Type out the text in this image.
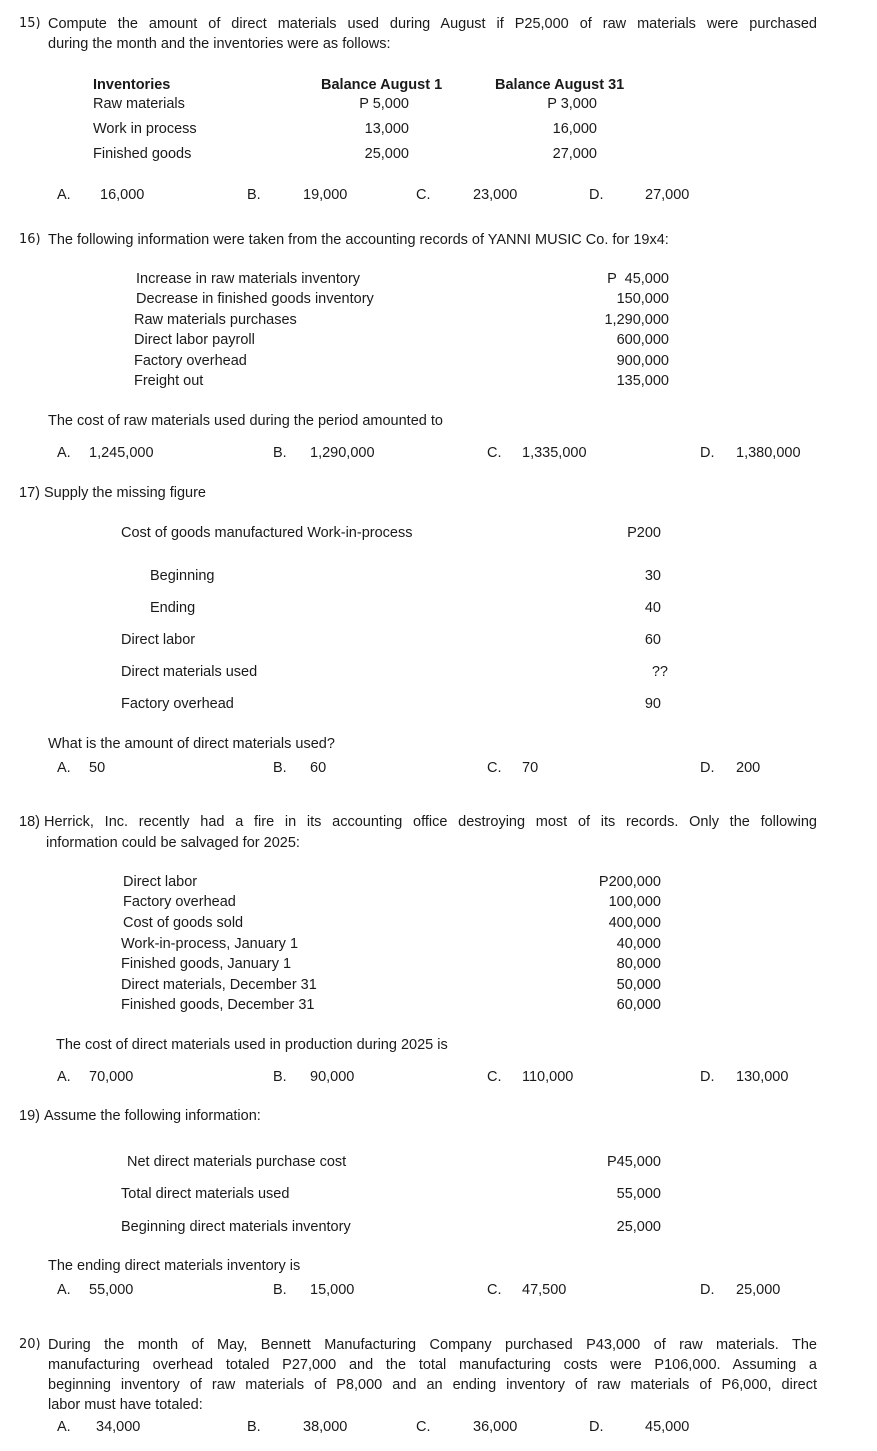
15) Compute the amount of direct materials used during August if P25,000 of raw materials were purchased
during the month and the inventories were as follows:
Inventories	Balance August 1	Balance August 31
Raw materials	P 5,000	P 3,000
Work in process	13,000	16,000
Finished goods	25,000	27,000
A. 16,000	B.	19,000	C.	23,000	D.	27,000
16) The following information were taken from the accounting records of YANNI MUSIC Co. for 19x4:
Increase in raw materials inventory	P  45,000
Decrease in finished goods inventory	150,000
Raw materials purchases	1,290,000
Direct labor payroll	600,000
Factory overhead	900,000
Freight out	135,000
The cost of raw materials used during the period amounted to
A. 1,245,000	B. 1,290,000	C. 1,335,000	D. 1,380,000
17) Supply the missing figure
Cost of goods manufactured Work-in-process	P200
Beginning	30
Ending	40
Direct labor	60
Direct materials used	??
Factory overhead	90
What is the amount of direct materials used?
A. 50	B. 60	C. 70	D. 200
18) Herrick, Inc. recently had a fire in its accounting office destroying most of its records. Only the following
information could be salvaged for 2025:
Direct labor	P200,000
Factory overhead	100,000
Cost of goods sold	400,000
Work-in-process, January 1	40,000
Finished goods, January 1	80,000
Direct materials, December 31	50,000
Finished goods, December 31	60,000
The cost of direct materials used in production during 2025 is
A. 70,000	B. 90,000	C. 110,000	D. 130,000
19) Assume the following information:
Net direct materials purchase cost	P45,000
Total direct materials used	55,000
Beginning direct materials inventory	25,000
The ending direct materials inventory is
A. 55,000	B. 15,000	C. 47,500	D. 25,000
20) During the month of May, Bennett Manufacturing Company purchased P43,000 of raw materials. The
manufacturing overhead totaled P27,000 and the total manufacturing costs were P106,000. Assuming a
beginning inventory of raw materials of P8,000 and an ending inventory of raw materials of P6,000, direct
labor must have totaled:
A. 34,000	B.	38,000	C.	36,000	D.	45,000
